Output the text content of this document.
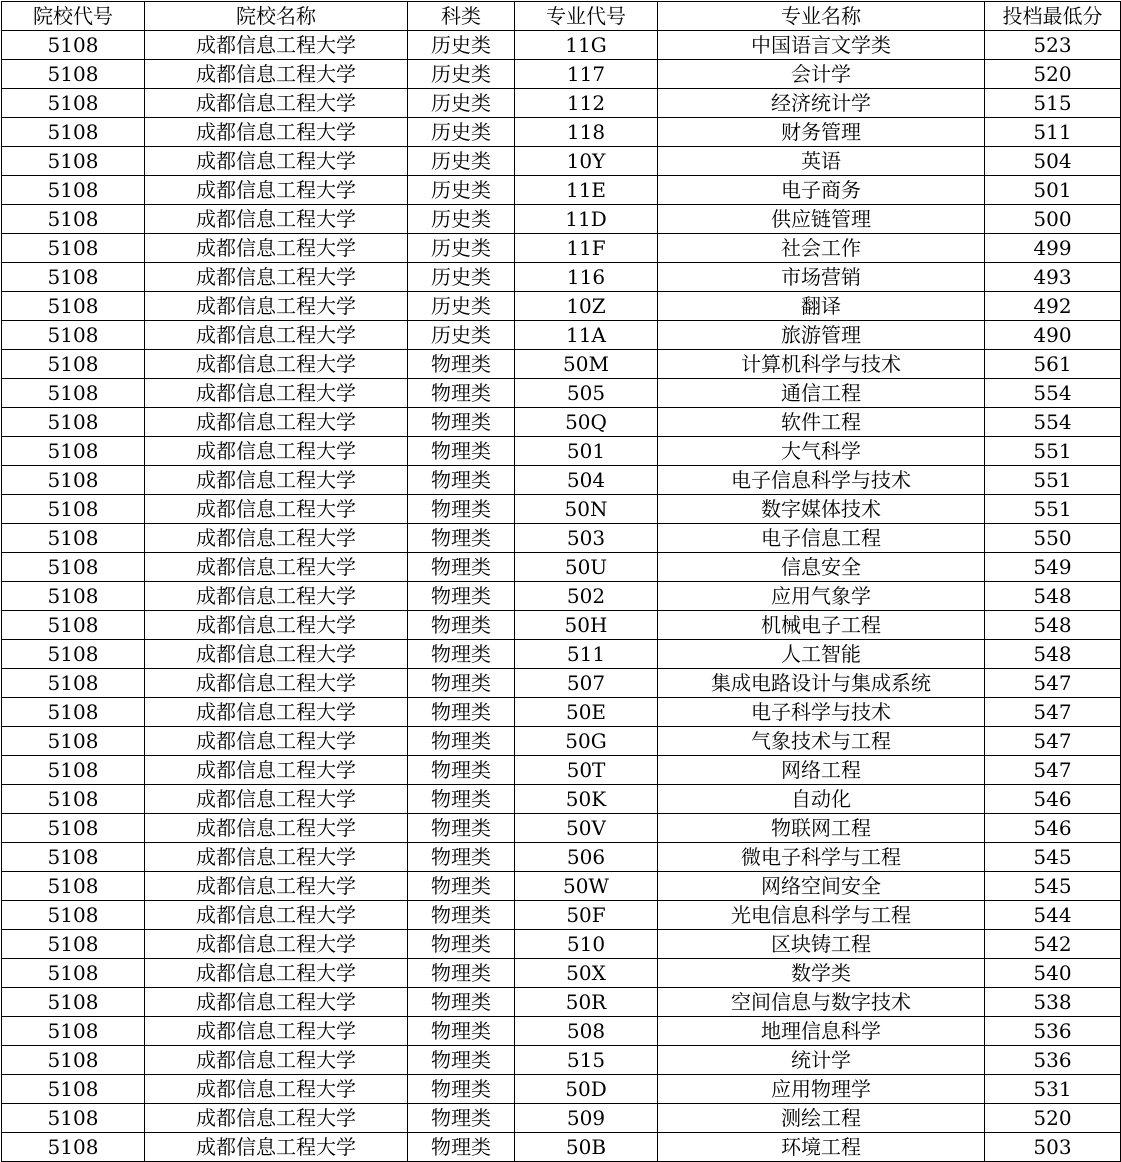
院校代号	院校名称	科类	专业代号	专业名称	投档最低分
5108	成都信息工程大学	历史类	11G	中国语言文学类	523
5108	成都信息工程大学	历史类	117	会计学	520
5108	成都信息工程大学	历史类	112	经济统计学	515
5108	成都信息工程大学	历史类	118	财务管理	511
5108	成都信息工程大学	历史类	10Y	英语	504
5108	成都信息工程大学	历史类	11E	电子商务	501
5108	成都信息工程大学	历史类	11D	供应链管理	500
5108	成都信息工程大学	历史类	11F	社会工作	499
5108	成都信息工程大学	历史类	116	市场营销	493
5108	成都信息工程大学	历史类	10Z	翻译	492
5108	成都信息工程大学	历史类	11A	旅游管理	490
5108	成都信息工程大学	物理类	50M	计算机科学与技术	561
5108	成都信息工程大学	物理类	505	通信工程	554
5108	成都信息工程大学	物理类	50Q	软件工程	554
5108	成都信息工程大学	物理类	501	大气科学	551
5108	成都信息工程大学	物理类	504	电子信息科学与技术	551
5108	成都信息工程大学	物理类	50N	数字媒体技术	551
5108	成都信息工程大学	物理类	503	电子信息工程	550
5108	成都信息工程大学	物理类	50U	信息安全	549
5108	成都信息工程大学	物理类	502	应用气象学	548
5108	成都信息工程大学	物理类	50H	机械电子工程	548
5108	成都信息工程大学	物理类	511	人工智能	548
5108	成都信息工程大学	物理类	507	集成电路设计与集成系统	547
5108	成都信息工程大学	物理类	50E	电子科学与技术	547
5108	成都信息工程大学	物理类	50G	气象技术与工程	547
5108	成都信息工程大学	物理类	50T	网络工程	547
5108	成都信息工程大学	物理类	50K	自动化	546
5108	成都信息工程大学	物理类	50V	物联网工程	546
5108	成都信息工程大学	物理类	506	微电子科学与工程	545
5108	成都信息工程大学	物理类	50W	网络空间安全	545
5108	成都信息工程大学	物理类	50F	光电信息科学与工程	544
5108	成都信息工程大学	物理类	510	区块铸工程	542
5108	成都信息工程大学	物理类	50X	数学类	540
5108	成都信息工程大学	物理类	50R	空间信息与数字技术	538
5108	成都信息工程大学	物理类	508	地理信息科学	536
5108	成都信息工程大学	物理类	515	统计学	536
5108	成都信息工程大学	物理类	50D	应用物理学	531
5108	成都信息工程大学	物理类	509	测绘工程	520
5108	成都信息工程大学	物理类	50B	环境工程	503
